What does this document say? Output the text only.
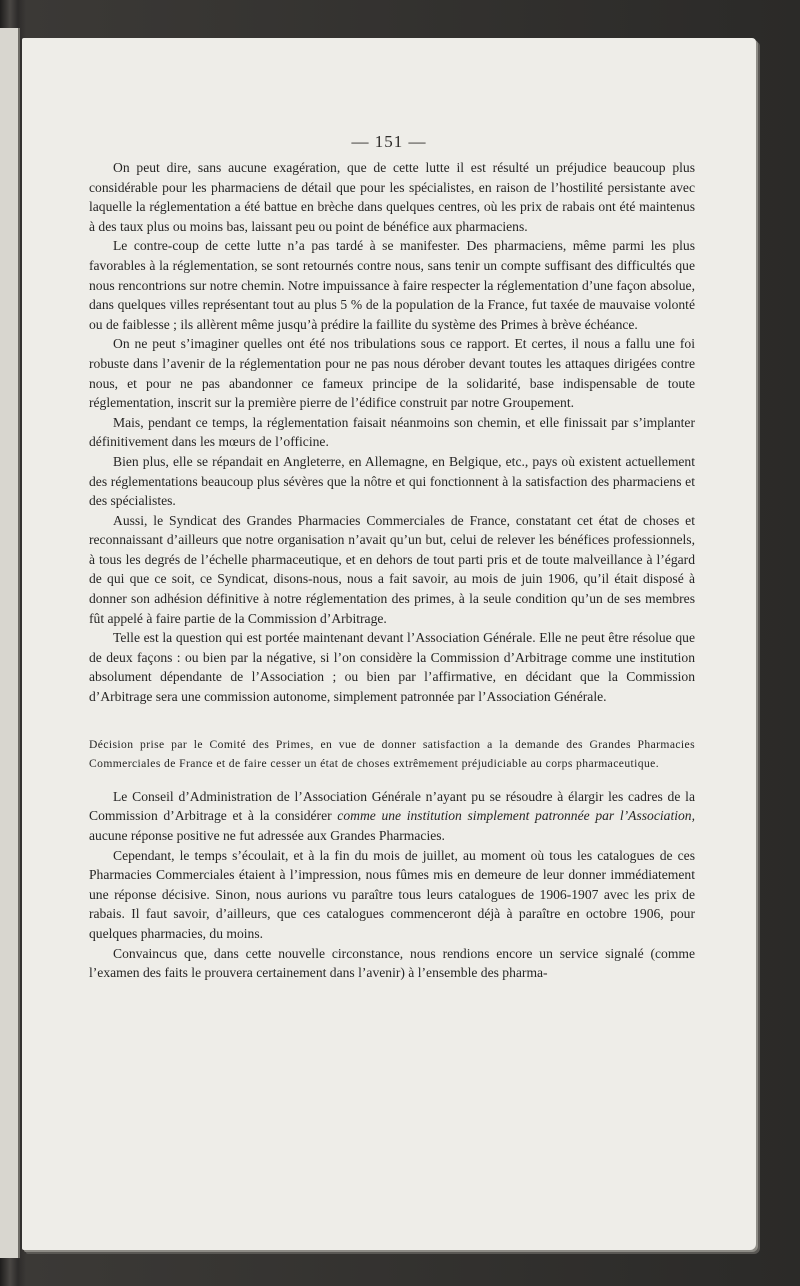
— 151 —

On peut dire, sans aucune exagération, que de cette lutte il est résulté un préjudice beaucoup plus considérable pour les pharmaciens de détail que pour les spécialistes, en raison de l’hostilité persistante avec laquelle la réglementation a été battue en brèche dans quelques centres, où les prix de rabais ont été maintenus à des taux plus ou moins bas, laissant peu ou point de bénéfice aux pharmaciens.

Le contre-coup de cette lutte n’a pas tardé à se manifester. Des pharmaciens, même parmi les plus favorables à la réglementation, se sont retournés contre nous, sans tenir un compte suffisant des difficultés que nous rencontrions sur notre chemin. Notre impuissance à faire respecter la réglementation d’une façon absolue, dans quelques villes représentant tout au plus 5 % de la population de la France, fut taxée de mauvaise volonté ou de faiblesse ; ils allèrent même jusqu’à prédire la faillite du système des Primes à brève échéance.

On ne peut s’imaginer quelles ont été nos tribulations sous ce rapport. Et certes, il nous a fallu une foi robuste dans l’avenir de la réglementation pour ne pas nous dérober devant toutes les attaques dirigées contre nous, et pour ne pas abandonner ce fameux principe de la solidarité, base indispensable de toute réglementation, inscrit sur la première pierre de l’édifice construit par notre Groupement.

Mais, pendant ce temps, la réglementation faisait néanmoins son chemin, et elle finissait par s’implanter définitivement dans les mœurs de l’officine.

Bien plus, elle se répandait en Angleterre, en Allemagne, en Belgique, etc., pays où existent actuellement des réglementations beaucoup plus sévères que la nôtre et qui fonctionnent à la satisfaction des pharmaciens et des spécialistes.

Aussi, le Syndicat des Grandes Pharmacies Commerciales de France, constatant cet état de choses et reconnaissant d’ailleurs que notre organisation n’avait qu’un but, celui de relever les bénéfices professionnels, à tous les degrés de l’échelle pharmaceutique, et en dehors de tout parti pris et de toute malveillance à l’égard de qui que ce soit, ce Syndicat, disons-nous, nous a fait savoir, au mois de juin 1906, qu’il était disposé à donner son adhésion définitive à notre réglementation des primes, à la seule condition qu’un de ses membres fût appelé à faire partie de la Commission d’Arbitrage.

Telle est la question qui est portée maintenant devant l’Association Générale. Elle ne peut être résolue que de deux façons : ou bien par la négative, si l’on considère la Commission d’Arbitrage comme une institution absolument dépendante de l’Association ; ou bien par l’affirmative, en décidant que la Commission d’Arbitrage sera une commission autonome, simplement patronnée par l’Association Générale.

Décision prise par le Comité des Primes, en vue de donner satisfaction a la demande des Grandes Pharmacies Commerciales de France et de faire cesser un état de choses extrêmement préjudiciable au corps pharmaceutique.

Le Conseil d’Administration de l’Association Générale n’ayant pu se résoudre à élargir les cadres de la Commission d’Arbitrage et à la considérer comme une institution simplement patronnée par l’Association, aucune réponse positive ne fut adressée aux Grandes Pharmacies.

Cependant, le temps s’écoulait, et à la fin du mois de juillet, au moment où tous les catalogues de ces Pharmacies Commerciales étaient à l’impression, nous fûmes mis en demeure de leur donner immédiatement une réponse décisive. Sinon, nous aurions vu paraître tous leurs catalogues de 1906-1907 avec les prix de rabais. Il faut savoir, d’ailleurs, que ces catalogues commenceront déjà à paraître en octobre 1906, pour quelques pharmacies, du moins.

Convaincus que, dans cette nouvelle circonstance, nous rendions encore un service signalé (comme l’examen des faits le prouvera certainement dans l’avenir) à l’ensemble des pharma-
